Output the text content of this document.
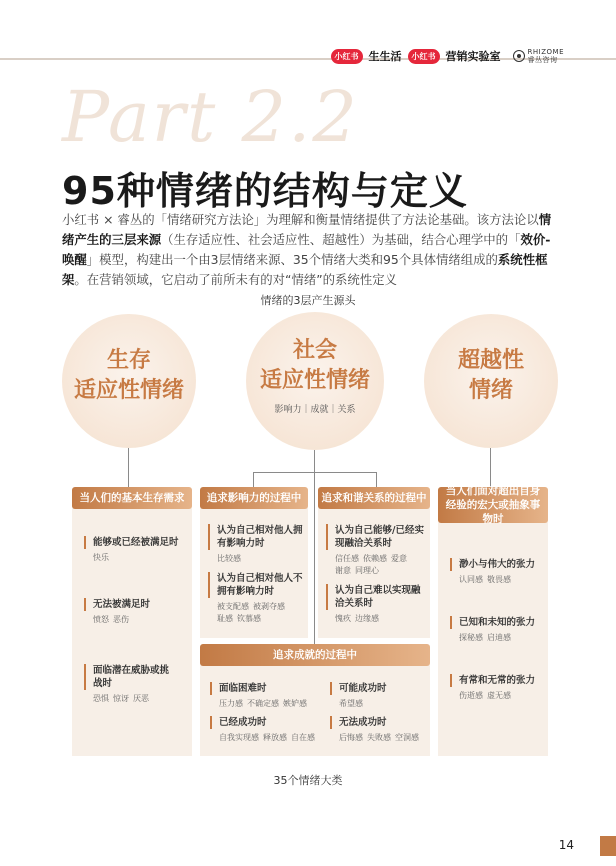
小红书 生生活	小红书 营销实验室	RHIZOME
睿丛咨询
Part 2.2
95种情绪的结构与定义
小红书 × 睿丛的「情绪研究方法论」为理解和衡量情绪提供了方法论基础。该方法论以情绪产生的三层来源（生存适应性、社会适应性、超越性）为基础，结合心理学中的「效价-唤醒」模型，构建出一个由3层情绪来源、35个情绪大类和95个具体情绪组成的系统性框架。在营销领域，它启动了前所未有的对“情绪”的系统性定义
情绪的3层产生源头
生存
适应性情绪
社会
适应性情绪
影响力｜成就｜关系
超越性
情绪
当人们的基本生存需求	追求影响力的过程中	追求和谐关系的过程中
当人们面对超出自身经验的宏大或抽象事物时
追求成就的过程中
能够或已经被满足时
快乐
无法被满足时
愤怒 恶伤
面临潜在威胁或挑战时
恐惧 惊讶 厌恶
认为自己相对他人拥有影响力时
比较感
认为自己相对他人不拥有影响力时
被支配感 被剥夺感
耻感 钦慕感
认为自己能够/已经实现融洽关系时
信任感 依赖感 爱意
谢意 同理心
认为自己难以实现融洽关系时
愧疚 边缘感
渺小与伟大的张力
认同感 敬畏感
已知和未知的张力
探秘感 启迪感
有常和无常的张力
伤逝感 虚无感
面临困难时
压力感 不确定感 嫉妒感
可能成功时
希望感
已经成功时
自我实现感 释放感 自在感
无法成功时
后悔感 失败感 空洞感
35个情绪大类
14
